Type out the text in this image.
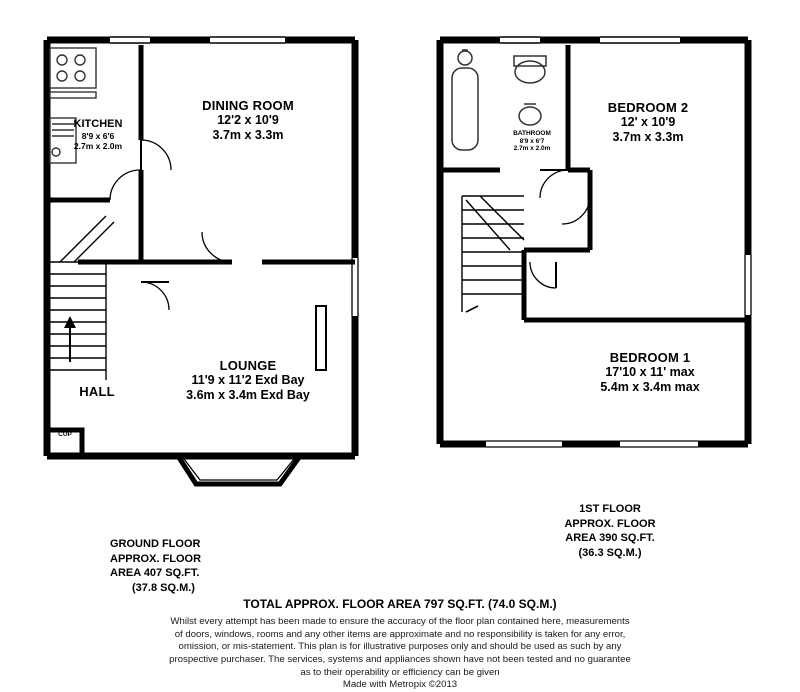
KITCHEN
8'9 x 6'6
2.7m x 2.0m
DINING ROOM
12'2 x 10'9
3.7m x 3.3m
LOUNGE
11'9 x 11'2 Exd Bay
3.6m x 3.4m Exd Bay
HALL
CUP
BATHROOM
8'9 x 6'7
2.7m x 2.0m
BEDROOM 2
12' x 10'9
3.7m x 3.3m
BEDROOM 1
17'10 x 11' max
5.4m x 3.4m max
1ST FLOOR
APPROX. FLOOR
AREA 390 SQ.FT.
(36.3 SQ.M.)
GROUND FLOOR
APPROX. FLOOR
AREA 407 SQ.FT.
(37.8 SQ.M.)
TOTAL APPROX. FLOOR AREA 797 SQ.FT. (74.0 SQ.M.)
Whilst every attempt has been made to ensure the accuracy of the floor plan contained here, measurements
of doors, windows, rooms and any other items are approximate and no responsibility is taken for any error,
omission, or mis-statement. This plan is for illustrative purposes only and should be used as such by any
prospective purchaser. The services, systems and appliances shown have not been tested and no guarantee
as to their operability or efficiency can be given
Made with Metropix ©2013
